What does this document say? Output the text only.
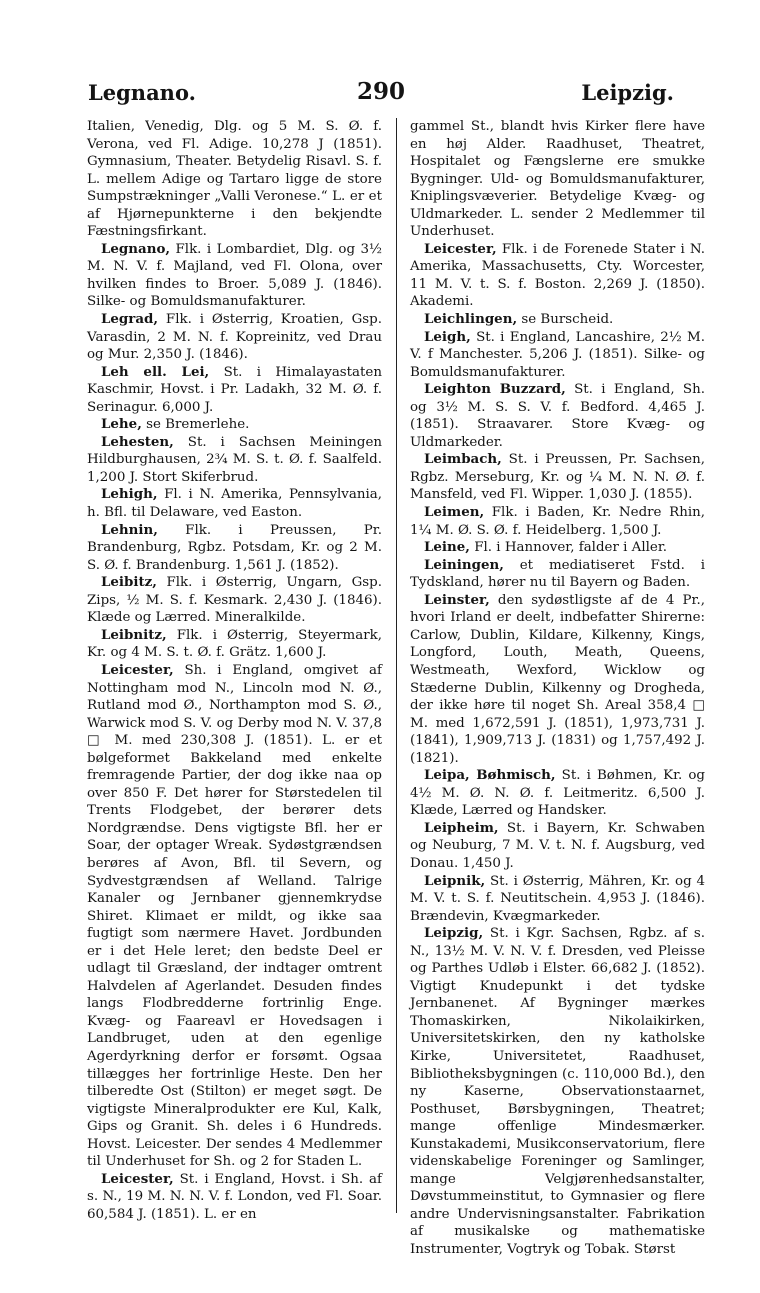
Legnano.	290	Leipzig.

Italien, Venedig, Dlg. og 5 M. S. Ø. f. Verona, ved Fl. Adige. 10,278 J (1851). Gymnasium, Theater. Betydelig Risavl. S. f. L. mellem Adige og Tartaro ligge de store Sumpstrækninger „Valli Veronese.“ L. er et af Hjørnepunkterne i den bekjendte Fæstningsfirkant.

Legnano, Flk. i Lombardiet, Dlg. og 3½ M. N. V. f. Majland, ved Fl. Olona, over hvilken findes to Broer. 5,089 J. (1846). Silke- og Bomuldsmanufakturer.

Legrad, Flk. i Østerrig, Kroatien, Gsp. Varasdin, 2 M. N. f. Kopreinitz, ved Drau og Mur. 2,350 J. (1846).

Leh ell. Lei, St. i Himalayastaten Kaschmir, Hovst. i Pr. Ladakh, 32 M. Ø. f. Serinagur. 6,000 J.

Lehe, se Bremerlehe.

Lehesten, St. i Sachsen Meiningen Hildburghausen, 2¾ M. S. t. Ø. f. Saalfeld. 1,200 J. Stort Skiferbrud.

Lehigh, Fl. i N. Amerika, Pennsylvania, h. Bfl. til Delaware, ved Easton.

Lehnin, Flk. i Preussen, Pr. Brandenburg, Rgbz. Potsdam, Kr. og 2 M. S. Ø. f. Brandenburg. 1,561 J. (1852).

Leibitz, Flk. i Østerrig, Ungarn, Gsp. Zips, ½ M. S. f. Kesmark. 2,430 J. (1846). Klæde og Lærred. Mineralkilde.

Leibnitz, Flk. i Østerrig, Steyermark, Kr. og 4 M. S. t. Ø. f. Grätz. 1,600 J.

Leicester, Sh. i England, omgivet af Nottingham mod N., Lincoln mod N. Ø., Rutland mod Ø., Northampton mod S. Ø., Warwick mod S. V. og Derby mod N. V. 37,8 □ M. med 230,308 J. (1851). L. er et bølgeformet Bakkeland med enkelte fremragende Partier, der dog ikke naa op over 850 F. Det hører for Størstedelen til Trents Flodgebet, der berører dets Nordgrændse. Dens vigtigste Bfl. her er Soar, der optager Wreak. Sydøstgrændsen berøres af Avon, Bfl. til Severn, og Sydvestgrændsen af Welland. Talrige Kanaler og Jernbaner gjennemkrydse Shiret. Klimaet er mildt, og ikke saa fugtigt som nærmere Havet. Jordbunden er i det Hele leret; den bedste Deel er udlagt til Græsland, der indtager omtrent Halvdelen af Agerlandet. Desuden findes langs Flodbredderne fortrinlig Enge. Kvæg- og Faareavl er Hovedsagen i Landbruget, uden at den egenlige Agerdyrkning derfor er forsømt. Ogsaa tillægges her fortrinlige Heste. Den her tilberedte Ost (Stilton) er meget søgt. De vigtigste Mineralprodukter ere Kul, Kalk, Gips og Granit. Sh. deles i 6 Hundreds. Hovst. Leicester. Der sendes 4 Medlemmer til Underhuset for Sh. og 2 for Staden L.

Leicester, St. i England, Hovst. i Sh. af s. N., 19 M. N. N. V. f. London, ved Fl. Soar. 60,584 J. (1851). L. er en

gammel St., blandt hvis Kirker flere have en høj Alder. Raadhuset, Theatret, Hospitalet og Fængslerne ere smukke Bygninger. Uld- og Bomuldsmanufakturer, Kniplingsvæverier. Betydelige Kvæg- og Uldmarkeder. L. sender 2 Medlemmer til Underhuset.

Leicester, Flk. i de Forenede Stater i N. Amerika, Massachusetts, Cty. Worcester, 11 M. V. t. S. f. Boston. 2,269 J. (1850). Akademi.

Leichlingen, se Burscheid.

Leigh, St. i England, Lancashire, 2½ M. V. f Manchester. 5,206 J. (1851). Silke- og Bomuldsmanufakturer.

Leighton Buzzard, St. i England, Sh. og 3½ M. S. S. V. f. Bedford. 4,465 J. (1851). Straavarer. Store Kvæg- og Uldmarkeder.

Leimbach, St. i Preussen, Pr. Sachsen, Rgbz. Merseburg, Kr. og ¼ M. N. N. Ø. f. Mansfeld, ved Fl. Wipper. 1,030 J. (1855).

Leimen, Flk. i Baden, Kr. Nedre Rhin, 1¼ M. Ø. S. Ø. f. Heidelberg. 1,500 J.

Leine, Fl. i Hannover, falder i Aller.

Leiningen, et mediatiseret Fstd. i Tydskland, hører nu til Bayern og Baden.

Leinster, den sydøstligste af de 4 Pr., hvori Irland er deelt, indbefatter Shirerne: Carlow, Dublin, Kildare, Kilkenny, Kings, Longford, Louth, Meath, Queens, Westmeath, Wexford, Wicklow og Stæderne Dublin, Kilkenny og Drogheda, der ikke høre til noget Sh. Areal 358,4 □ M. med 1,672,591 J. (1851), 1,973,731 J. (1841), 1,909,713 J. (1831) og 1,757,492 J. (1821).

Leipa, Bøhmisch, St. i Bøhmen, Kr. og 4½ M. Ø. N. Ø. f. Leitmeritz. 6,500 J. Klæde, Lærred og Handsker.

Leipheim, St. i Bayern, Kr. Schwaben og Neuburg, 7 M. V. t. N. f. Augsburg, ved Donau. 1,450 J.

Leipnik, St. i Østerrig, Mähren, Kr. og 4 M. V. t. S. f. Neutitschein. 4,953 J. (1846). Brændevin, Kvægmarkeder.

Leipzig, St. i Kgr. Sachsen, Rgbz. af s. N., 13½ M. V. N. V. f. Dresden, ved Pleisse og Parthes Udløb i Elster. 66,682 J. (1852). Vigtigt Knudepunkt i det tydske Jernbanenet. Af Bygninger mærkes Thomaskirken, Nikolaikirken, Universitetskirken, den ny katholske Kirke, Universitetet, Raadhuset, Bibliotheksbygningen (c. 110,000 Bd.), den ny Kaserne, Observationstaarnet, Posthuset, Børsbygningen, Theatret; mange offenlige Mindesmærker. Kunstakademi, Musikconservatorium, flere videnskabelige Foreninger og Samlinger, mange Velgjørenhedsanstalter, Døvstummeinstitut, to Gymnasier og flere andre Undervisningsanstalter. Fabrikation af musikalske og mathematiske Instrumenter, Vogtryk og Tobak. Størst
